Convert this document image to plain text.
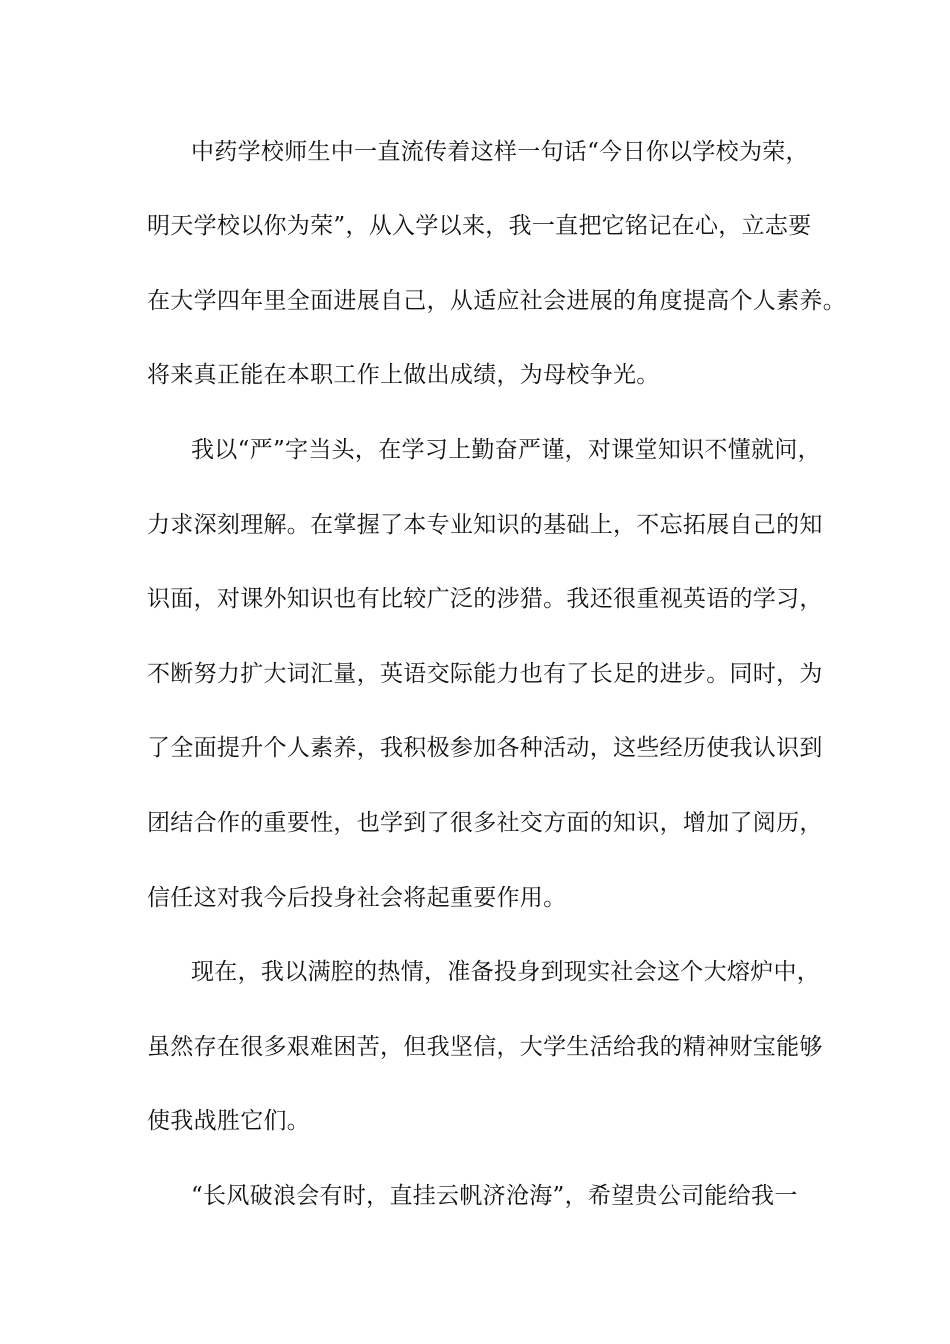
中药学校师生中一直流传着这样一句话“今日你以学校为荣，
明天学校以你为荣”，从入学以来，我一直把它铭记在心，立志要
在大学四年里全面进展自己，从适应社会进展的角度提高个人素养。
将来真正能在本职工作上做出成绩，为母校争光。
我以“严”字当头，在学习上勤奋严谨，对课堂知识不懂就问，
力求深刻理解。在掌握了本专业知识的基础上，不忘拓展自己的知
识面，对课外知识也有比较广泛的涉猎。我还很重视英语的学习，
不断努力扩大词汇量，英语交际能力也有了长足的进步。同时，为
了全面提升个人素养，我积极参加各种活动，这些经历使我认识到
团结合作的重要性，也学到了很多社交方面的知识，增加了阅历，
信任这对我今后投身社会将起重要作用。
现在，我以满腔的热情，准备投身到现实社会这个大熔炉中，
虽然存在很多艰难困苦，但我坚信，大学生活给我的精神财宝能够
使我战胜它们。
“长风破浪会有时，直挂云帆济沧海”，希望贵公司能给我一
